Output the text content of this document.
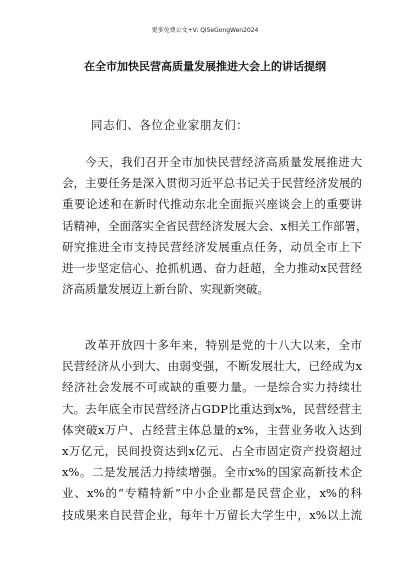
更多免费公文+V: QiSeGongWen2024
在全市加快民营高质量发展推进大会上的讲话提纲
同志们、各位企业家朋友们：
今天，我们召开全市加快民营经济高质量发展推进大
会，主要任务是深入贯彻习近平总书记关于民营经济发展的
重要论述和在新时代推动东北全面振兴座谈会上的重要讲
话精神，全面落实全省民营经济发展大会、x相关工作部署，
研究推进全市支持民营经济发展重点任务，动员全市上下
进一步坚定信心、抢抓机遇、奋力赶超，全力推动x民营经
济高质量发展迈上新台阶、实现新突破。
改革开放四十多年来，特别是党的十八大以来，全市
民营经济从小到大、由弱变强，不断发展壮大，已经成为x
经济社会发展不可或缺的重要力量。一是综合实力持续壮
大。去年底全市民营经济占GDP比重达到x%，民营经营主
体突破x万户、占经营主体总量的x%，主营业务收入达到
x万亿元，民间投资达到x亿元、占全市固定资产投资超过
x%。二是发展活力持续增强。全市x%的国家高新技术企
业、x%的“专精特新”中小企业都是民营企业，x%的科
技成果来自民营企业，每年十万留长大学生中，x%以上流
